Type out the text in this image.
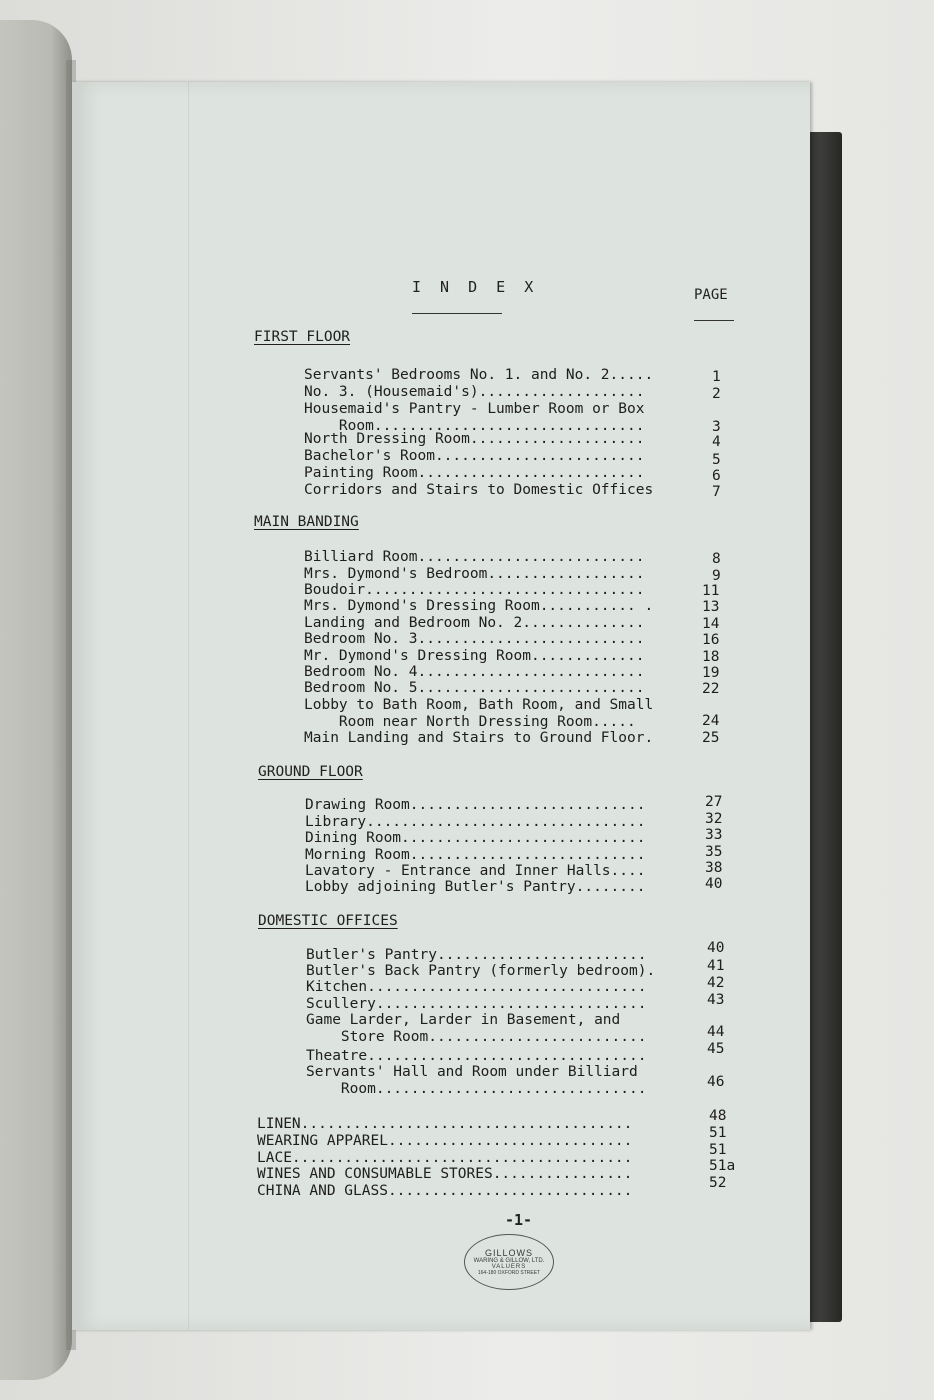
I N D E X	PAGE
FIRST FLOOR
Servants' Bedrooms No. 1. and No. 2.....	1
No. 3. (Housemaid's)...................	2
Housemaid's Pantry - Lumber Room or Box
Room...............................	3
North Dressing Room....................	4
Bachelor's Room........................	5
Painting Room..........................	6
Corridors and Stairs to Domestic Offices	7
MAIN BANDING
Billiard Room..........................	8
Mrs. Dymond's Bedroom..................	9
Boudoir................................	11
Mrs. Dymond's Dressing Room........... .	13
Landing and Bedroom No. 2..............	14
Bedroom No. 3..........................	16
Mr. Dymond's Dressing Room.............	18
Bedroom No. 4..........................	19
Bedroom No. 5..........................	22
Lobby to Bath Room, Bath Room, and Small
Room near North Dressing Room.....	24
Main Landing and Stairs to Ground Floor.	25
GROUND FLOOR
Drawing Room...........................	27
Library................................	32
Dining Room............................	33
Morning Room...........................	35
Lavatory - Entrance and Inner Halls....	38
Lobby adjoining Butler's Pantry........	40
DOMESTIC OFFICES
Butler's Pantry........................	40
Butler's Back Pantry (formerly bedroom).	41
Kitchen................................	42
Scullery...............................	43
Game Larder, Larder in Basement, and
Store Room.........................	44
Theatre................................	45
Servants' Hall and Room under Billiard
Room...............................	46
LINEN......................................	48
WEARING APPAREL............................	51
LACE.......................................	51
WINES AND CONSUMABLE STORES................	51a
CHINA AND GLASS............................	52
-1-
GILLOWS
WARING & GILLOW, LTD.
VALUERS
164-180 OXFORD STREET
